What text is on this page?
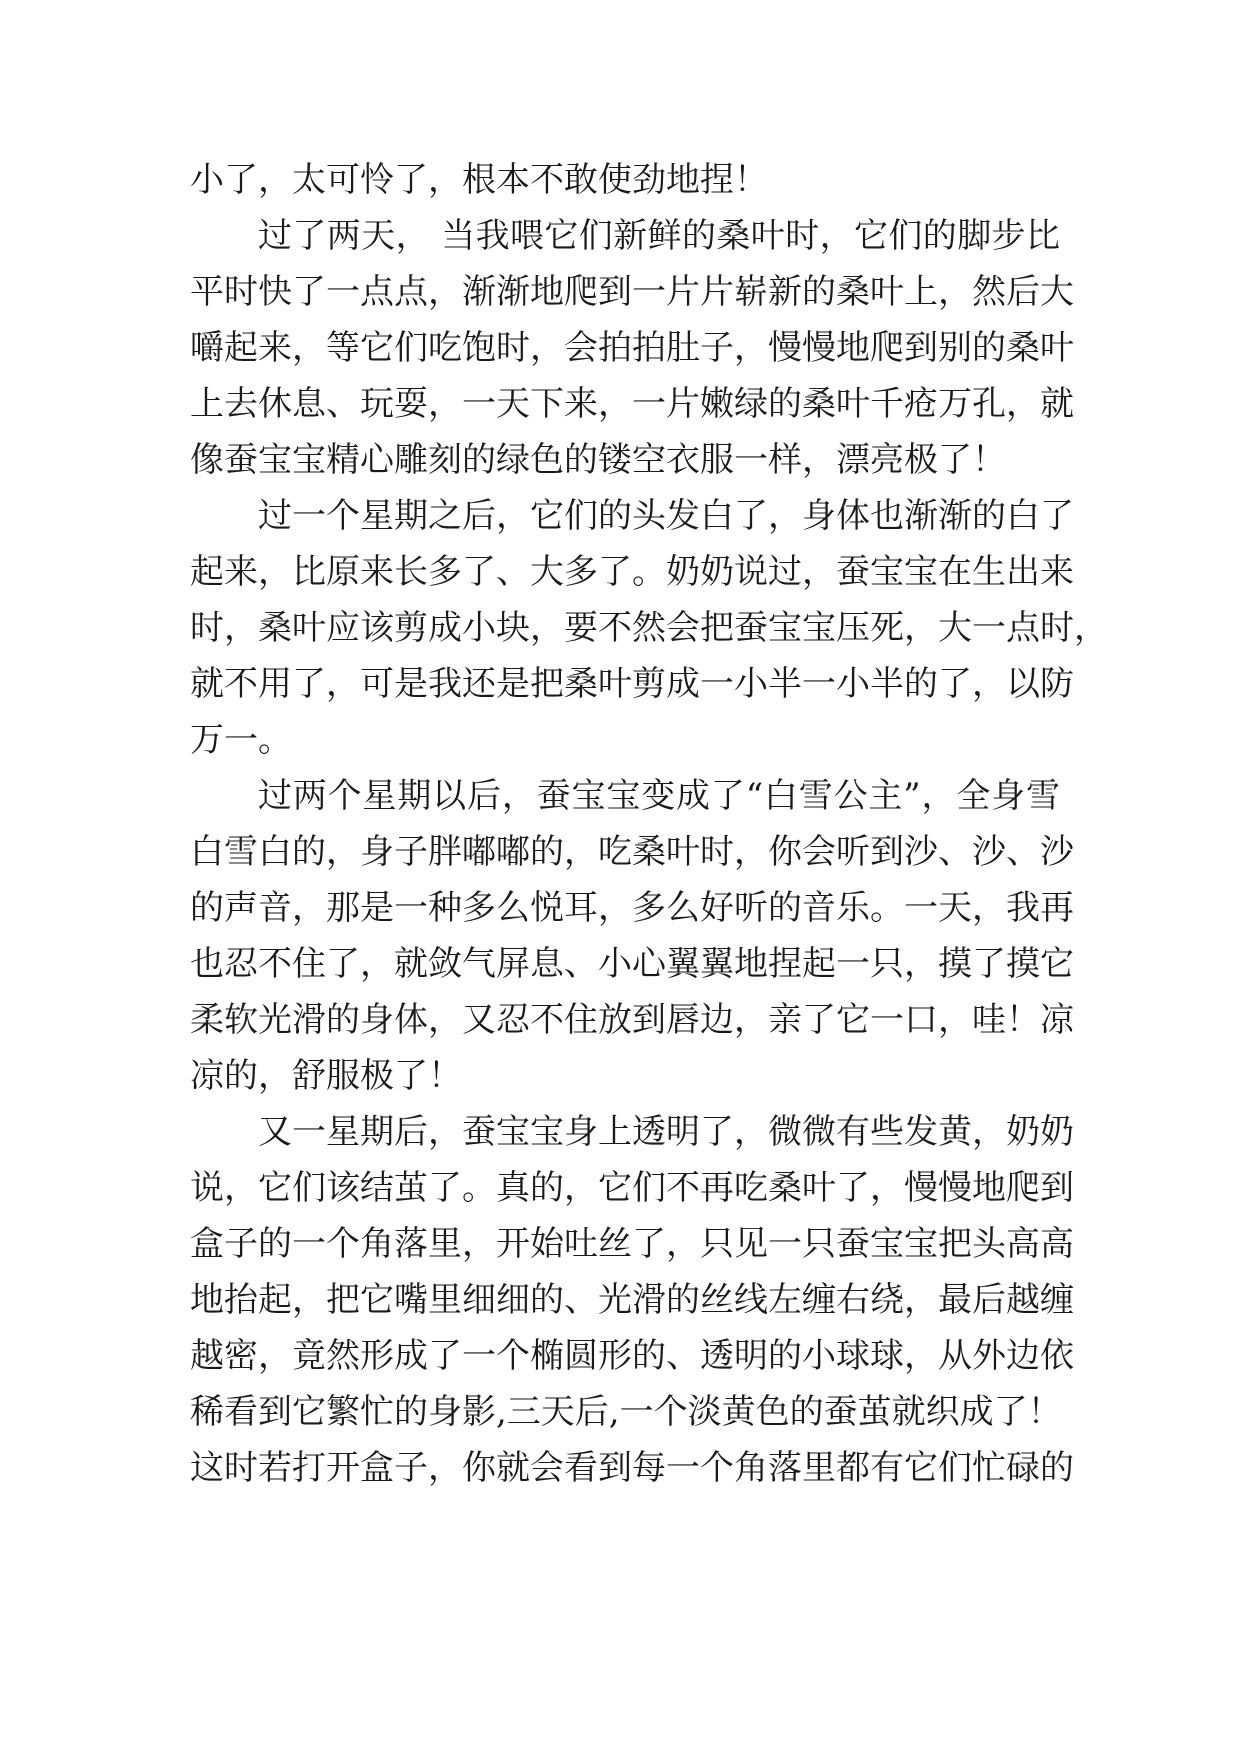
小了，太可怜了，根本不敢使劲地捏！
过了两天， 当我喂它们新鲜的桑叶时，它们的脚步比
平时快了一点点，渐渐地爬到一片片崭新的桑叶上，然后大
嚼起来，等它们吃饱时，会拍拍肚子，慢慢地爬到别的桑叶
上去休息、玩耍，一天下来，一片嫩绿的桑叶千疮万孔，就
像蚕宝宝精心雕刻的绿色的镂空衣服一样，漂亮极了！
过一个星期之后，它们的头发白了，身体也渐渐的白了
起来，比原来长多了、大多了。奶奶说过，蚕宝宝在生出来
时，桑叶应该剪成小块，要不然会把蚕宝宝压死，大一点时，
就不用了，可是我还是把桑叶剪成一小半一小半的了，以防
万一。
过两个星期以后，蚕宝宝变成了“白雪公主”，全身雪
白雪白的，身子胖嘟嘟的，吃桑叶时，你会听到沙、沙、沙
的声音，那是一种多么悦耳，多么好听的音乐。一天，我再
也忍不住了，就敛气屏息、小心翼翼地捏起一只，摸了摸它
柔软光滑的身体，又忍不住放到唇边，亲了它一口，哇！凉
凉的，舒服极了！
又一星期后，蚕宝宝身上透明了，微微有些发黄，奶奶
说，它们该结茧了。真的，它们不再吃桑叶了，慢慢地爬到
盒子的一个角落里，开始吐丝了，只见一只蚕宝宝把头高高
地抬起，把它嘴里细细的、光滑的丝线左缠右绕，最后越缠
越密，竟然形成了一个椭圆形的、透明的小球球，从外边依
稀看到它繁忙的身影,三天后,一个淡黄色的蚕茧就织成了！
这时若打开盒子，你就会看到每一个角落里都有它们忙碌的
